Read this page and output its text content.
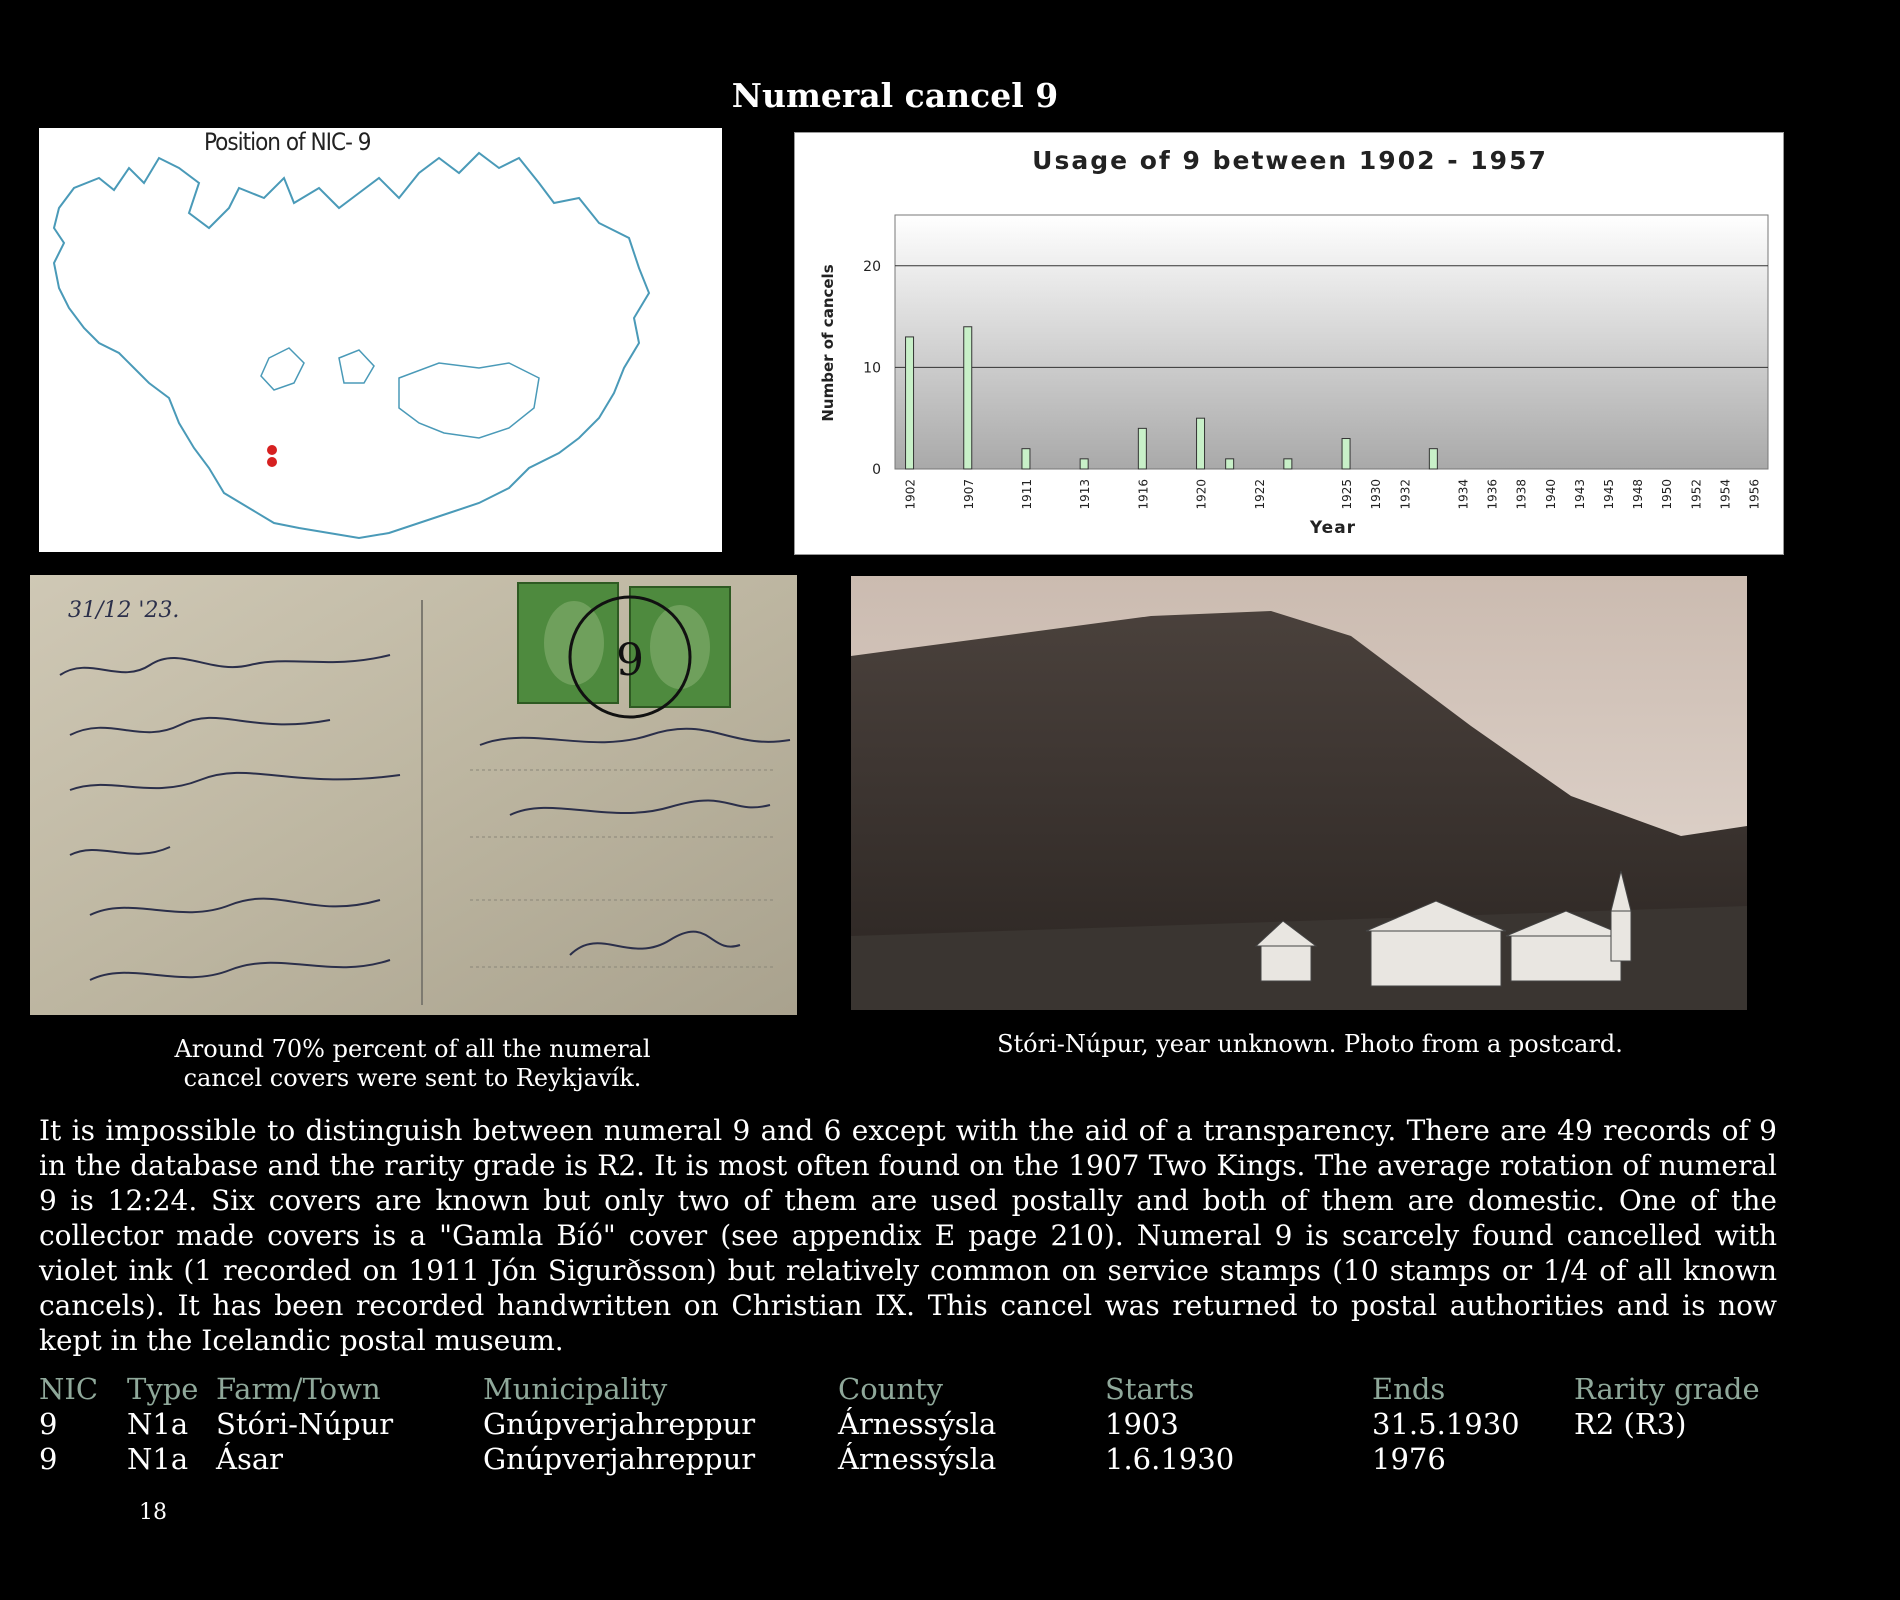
Numeral cancel 9
Position of NIC- 9
Usage of 9 between 1902 - 1957
0
10
20
1902	1907	1911	1913	1916	1920	1922	1925 1930 1932	1934 1936 1938 1940 1943 1945 1948 1950 1952 1954 1956
Year
Number of cancels
9
31/12 '23.
Around 70% percent of all the numeral
cancel covers were sent to Reykjavík.
Stóri-Núpur, year unknown. Photo from a postcard.
It is impossible to distinguish between numeral 9 and 6 except with the aid of a transparency. There are 49 records of 9 in the database and the rarity grade is R2. It is most often found on the 1907 Two Kings. The average rotation of numeral 9 is 12:24. Six covers are known but only two of them are used postally and both of them are domestic. One of the collector made covers is a "Gamla Bíó" cover (see appendix E page 210). Numeral 9 is scarcely found cancelled with violet ink (1 recorded on 1911 Jón Sigurðsson) but relatively common on service stamps (10 stamps or 1/4 of all known cancels). It has been recorded handwritten on Christian IX. This cancel was returned to postal authorities and is now kept in the Icelandic postal museum.
NIC Type Farm/Town	Municipality	County	Starts	Ends	Rarity grade
9 N1a Stóri-Núpur	Gnúpverjahreppur	Árnessýsla	1903	31.5.1930 R2 (R3)
9 N1a Ásar	Gnúpverjahreppur	Árnessýsla	1.6.1930	1976
18
